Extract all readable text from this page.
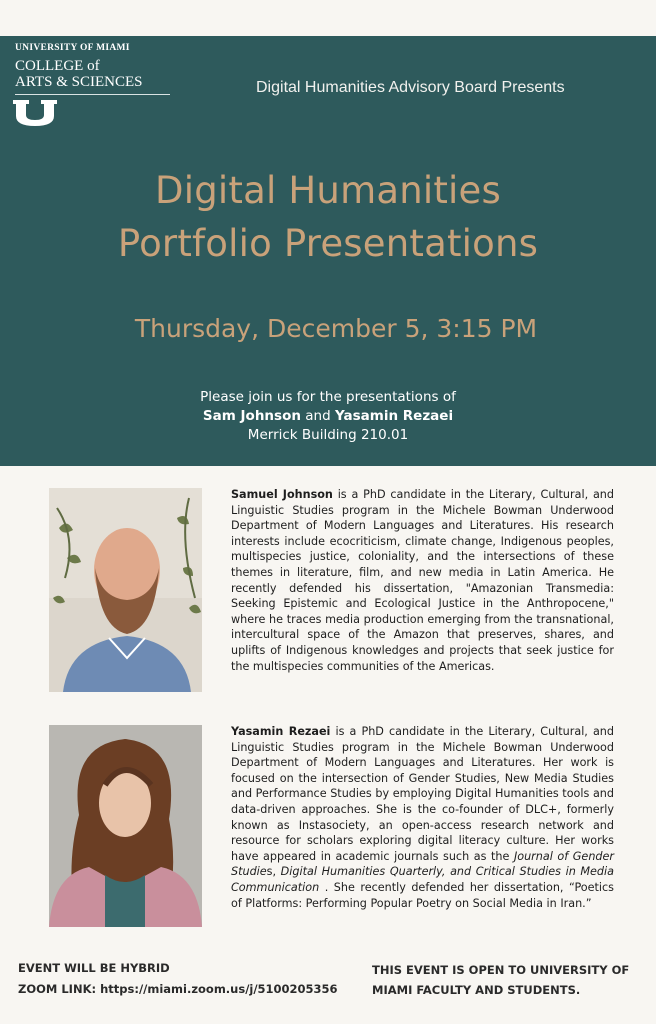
UNIVERSITY OF MIAMI
COLLEGE of
ARTS & SCIENCES	Digital Humanities Advisory Board Presents
Digital Humanities
Portfolio Presentations
Thursday, December 5, 3:15 PM
Please join us for the presentations of
Sam Johnson and Yasamin Rezaei
Merrick Building 210.01
Samuel Johnson is a PhD candidate in the Literary, Cultural, and Linguistic Studies program in the Michele Bowman Underwood Department of Modern Languages and Literatures. His research interests include ecocriticism, climate change, Indigenous peoples, multispecies justice, coloniality, and the intersections of these themes in literature, film, and new media in Latin America. He recently defended his dissertation, "Amazonian Transmedia: Seeking Epistemic and Ecological Justice in the Anthropocene," where he traces media production emerging from the transnational, intercultural space of the Amazon that preserves, shares, and uplifts of Indigenous knowledges and projects that seek justice for the multispecies communities of the Americas.
Yasamin Rezaei is a PhD candidate in the Literary, Cultural, and Linguistic Studies program in the Michele Bowman Underwood Department of Modern Languages and Literatures. Her work is focused on the intersection of Gender Studies, New Media Studies and Performance Studies by employing Digital Humanities tools and data-driven approaches. She is the co-founder of DLC+, formerly known as Instasociety, an open-access research network and resource for scholars exploring digital literacy culture. Her works have appeared in academic journals such as the Journal of Gender Studies, Digital Humanities Quarterly, and Critical Studies in Media Communication . She recently defended her dissertation, “Poetics of Platforms: Performing Popular Poetry on Social Media in Iran.”
EVENT WILL BE HYBRID
ZOOM LINK: https://miami.zoom.us/j/5100205356
THIS EVENT IS OPEN TO UNIVERSITY OF
MIAMI FACULTY AND STUDENTS.
